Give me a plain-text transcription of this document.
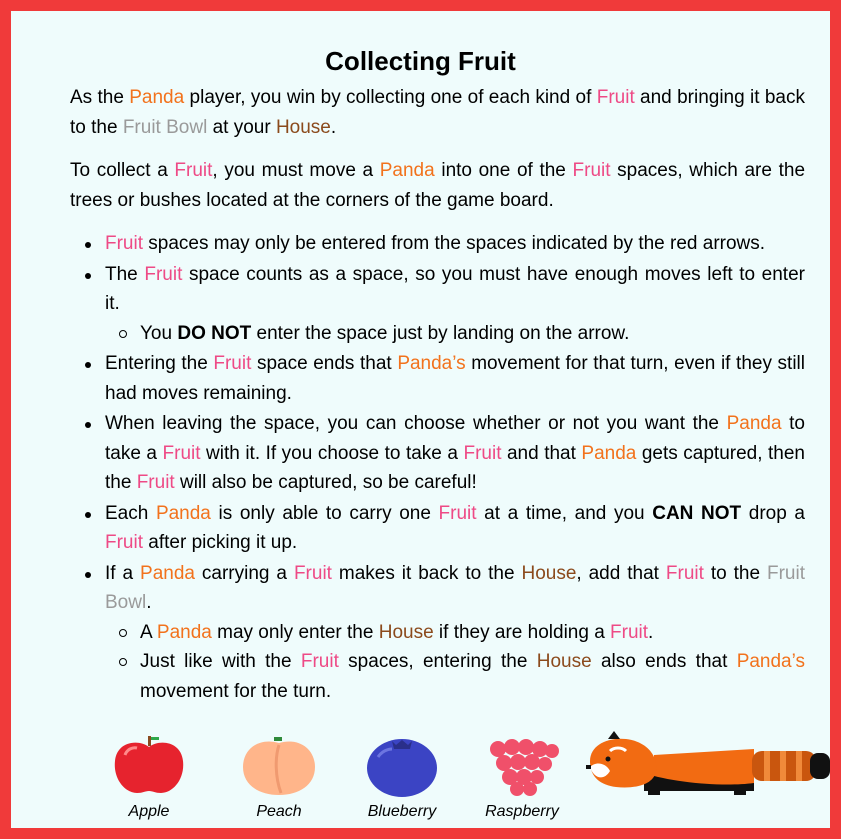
Collecting Fruit

As the Panda player, you win by collecting one of each kind of Fruit and bringing it back to the Fruit Bowl at your House.

To collect a Fruit, you must move a Panda into one of the Fruit spaces, which are the trees or bushes located at the corners of the game board.

Fruit spaces may only be entered from the spaces indicated by the red arrows.
The Fruit space counts as a space, so you must have enough moves left to enter it.
You DO NOT enter the space just by landing on the arrow.
Entering the Fruit space ends that Panda’s movement for that turn, even if they still had moves remaining.
When leaving the space, you can choose whether or not you want the Panda to take a Fruit with it. If you choose to take a Fruit and that Panda gets captured, then the Fruit will also be captured, so be careful!
Each Panda is only able to carry one Fruit at a time, and you CAN NOT drop a Fruit after picking it up.
If a Panda carrying a Fruit makes it back to the House, add that Fruit to the Fruit Bowl.
A Panda may only enter the House if they are holding a Fruit.
Just like with the Fruit spaces, entering the House also ends that Panda’s movement for the turn.
Apple	Peach	Blueberry	Raspberry
